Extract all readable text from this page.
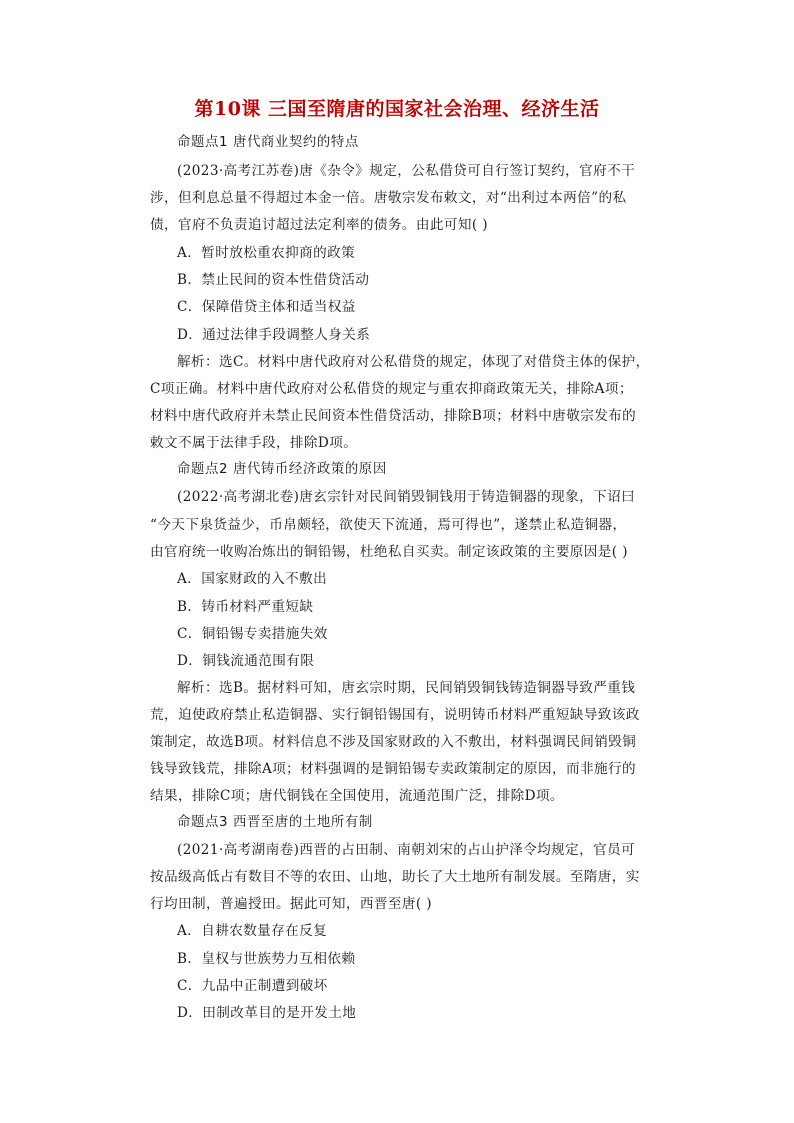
第10课 三国至隋唐的国家社会治理、经济生活
命题点1 唐代商业契约的特点
(2023·高考江苏卷)唐《杂令》规定，公私借贷可自行签订契约，官府不干
涉，但利息总量不得超过本金一倍。唐敬宗发布敕文，对“出利过本两倍”的私
债，官府不负责追讨超过法定利率的债务。由此可知( )
A．暂时放松重农抑商的政策
B．禁止民间的资本性借贷活动
C．保障借贷主体和适当权益
D．通过法律手段调整人身关系
解析：选C。材料中唐代政府对公私借贷的规定，体现了对借贷主体的保护，
C项正确。材料中唐代政府对公私借贷的规定与重农抑商政策无关，排除A项；
材料中唐代政府并未禁止民间资本性借贷活动，排除B项；材料中唐敬宗发布的
敕文不属于法律手段，排除D项。
命题点2 唐代铸币经济政策的原因
(2022·高考湖北卷)唐玄宗针对民间销毁铜钱用于铸造铜器的现象，下诏曰
“今天下泉货益少，币帛颇轻，欲使天下流通，焉可得也”，遂禁止私造铜器，
由官府统一收购冶炼出的铜铅锡，杜绝私自买卖。制定该政策的主要原因是( )
A．国家财政的入不敷出
B．铸币材料严重短缺
C．铜铅锡专卖措施失效
D．铜钱流通范围有限
解析：选B。据材料可知，唐玄宗时期，民间销毁铜钱铸造铜器导致严重钱
荒，迫使政府禁止私造铜器、实行铜铅锡国有，说明铸币材料严重短缺导致该政
策制定，故选B项。材料信息不涉及国家财政的入不敷出，材料强调民间销毁铜
钱导致钱荒，排除A项；材料强调的是铜铅锡专卖政策制定的原因，而非施行的
结果，排除C项；唐代铜钱在全国使用，流通范围广泛，排除D项。
命题点3 西晋至唐的土地所有制
(2021·高考湖南卷)西晋的占田制、南朝刘宋的占山护泽令均规定，官员可
按品级高低占有数目不等的农田、山地，助长了大土地所有制发展。至隋唐，实
行均田制，普遍授田。据此可知，西晋至唐( )
A．自耕农数量存在反复
B．皇权与世族势力互相依赖
C．九品中正制遭到破坏
D．田制改革目的是开发土地
